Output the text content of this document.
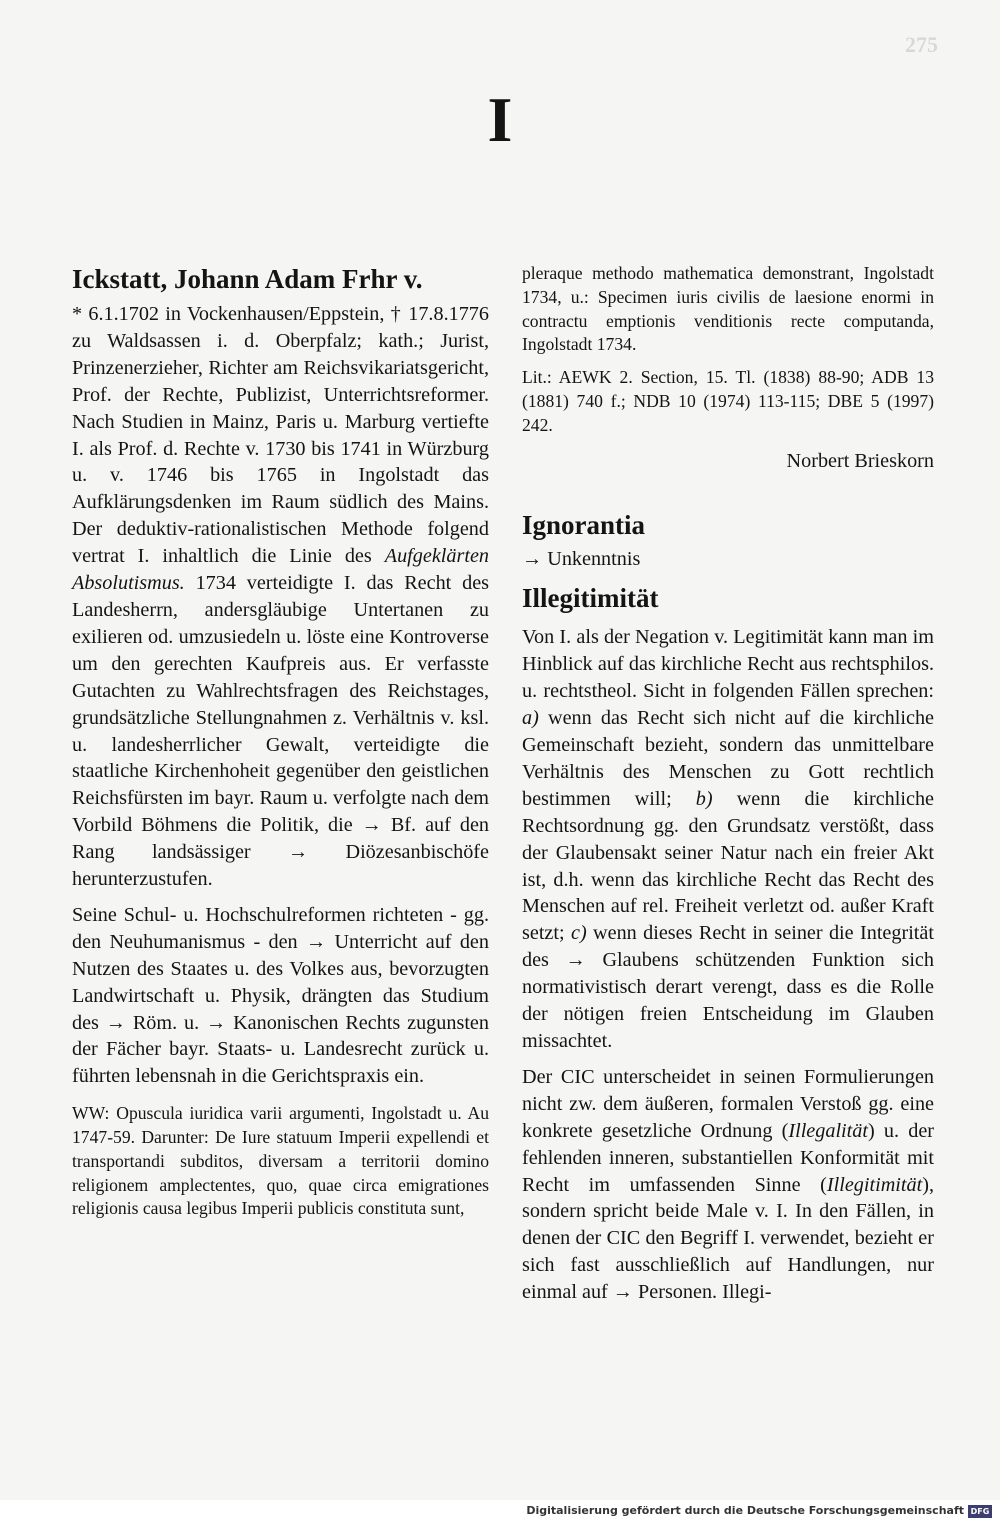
275
I
Ickstatt, Johann Adam Frhr v.

* 6.1.1702 in Vockenhausen/Eppstein, † 17.8.1776 zu Waldsassen i. d. Oberpfalz; kath.; Jurist, Prinzenerzieher, Richter am Reichsvikariatsgericht, Prof. der Rechte, Publizist, Unterrichtsreformer. Nach Studien in Mainz, Paris u. Marburg vertiefte I. als Prof. d. Rechte v. 1730 bis 1741 in Würzburg u. v. 1746 bis 1765 in Ingolstadt das Aufklärungsdenken im Raum südlich des Mains. Der deduktiv-rationalistischen Methode folgend vertrat I. inhaltlich die Linie des Aufgeklärten Absolutismus. 1734 verteidigte I. das Recht des Landesherrn, andersgläubige Untertanen zu exilieren od. umzusiedeln u. löste eine Kontroverse um den gerechten Kaufpreis aus. Er verfasste Gutachten zu Wahlrechtsfragen des Reichstages, grundsätzliche Stellungnahmen z. Verhältnis v. ksl. u. landesherrlicher Gewalt, verteidigte die staatliche Kirchenhoheit gegenüber den geistlichen Reichsfürsten im bayr. Raum u. verfolgte nach dem Vorbild Böhmens die Politik, die → Bf. auf den Rang landsässiger → Diözesanbischöfe herunterzustufen.

Seine Schul- u. Hochschulreformen richteten - gg. den Neuhumanismus - den → Unterricht auf den Nutzen des Staates u. des Volkes aus, bevorzugten Landwirtschaft u. Physik, drängten das Studium des → Röm. u. → Kanonischen Rechts zugunsten der Fächer bayr. Staats- u. Landesrecht zurück u. führten lebensnah in die Gerichtspraxis ein.

WW: Opuscula iuridica varii argumenti, Ingolstadt u. Au 1747-59. Darunter: De Iure statuum Imperii expellendi et transportandi subditos, diversam a territorii domino religionem amplectentes, quo, quae circa emigrationes religionis causa legibus Imperii publicis constituta sunt,

pleraque methodo mathematica demonstrant, Ingolstadt 1734, u.: Specimen iuris civilis de laesione enormi in contractu emptionis venditionis recte computanda, Ingolstadt 1734.

Lit.: AEWK 2. Section, 15. Tl. (1838) 88-90; ADB 13 (1881) 740 f.; NDB 10 (1974) 113-115; DBE 5 (1997) 242.

Norbert Brieskorn

Ignorantia

→ Unkenntnis

Illegitimität

Von I. als der Negation v. Legitimität kann man im Hinblick auf das kirchliche Recht aus rechtsphilos. u. rechtstheol. Sicht in folgenden Fällen sprechen: a) wenn das Recht sich nicht auf die kirchliche Gemeinschaft bezieht, sondern das unmittelbare Verhältnis des Menschen zu Gott rechtlich bestimmen will; b) wenn die kirchliche Rechtsordnung gg. den Grundsatz verstößt, dass der Glaubensakt seiner Natur nach ein freier Akt ist, d.h. wenn das kirchliche Recht das Recht des Menschen auf rel. Freiheit verletzt od. außer Kraft setzt; c) wenn dieses Recht in seiner die Integrität des → Glaubens schützenden Funktion sich normativistisch derart verengt, dass es die Rolle der nötigen freien Entscheidung im Glauben missachtet.

Der CIC unterscheidet in seinen Formulierungen nicht zw. dem äußeren, formalen Verstoß gg. eine konkrete gesetzliche Ordnung (Illegalität) u. der fehlenden inneren, substantiellen Konformität mit Recht im umfassenden Sinne (Illegitimität), sondern spricht beide Male v. I. In den Fällen, in denen der CIC den Begriff I. verwendet, bezieht er sich fast ausschließlich auf Handlungen, nur einmal auf → Personen. Illegi-

Digitalisierung gefördert durch die Deutsche Forschungsgemeinschaft DFG
